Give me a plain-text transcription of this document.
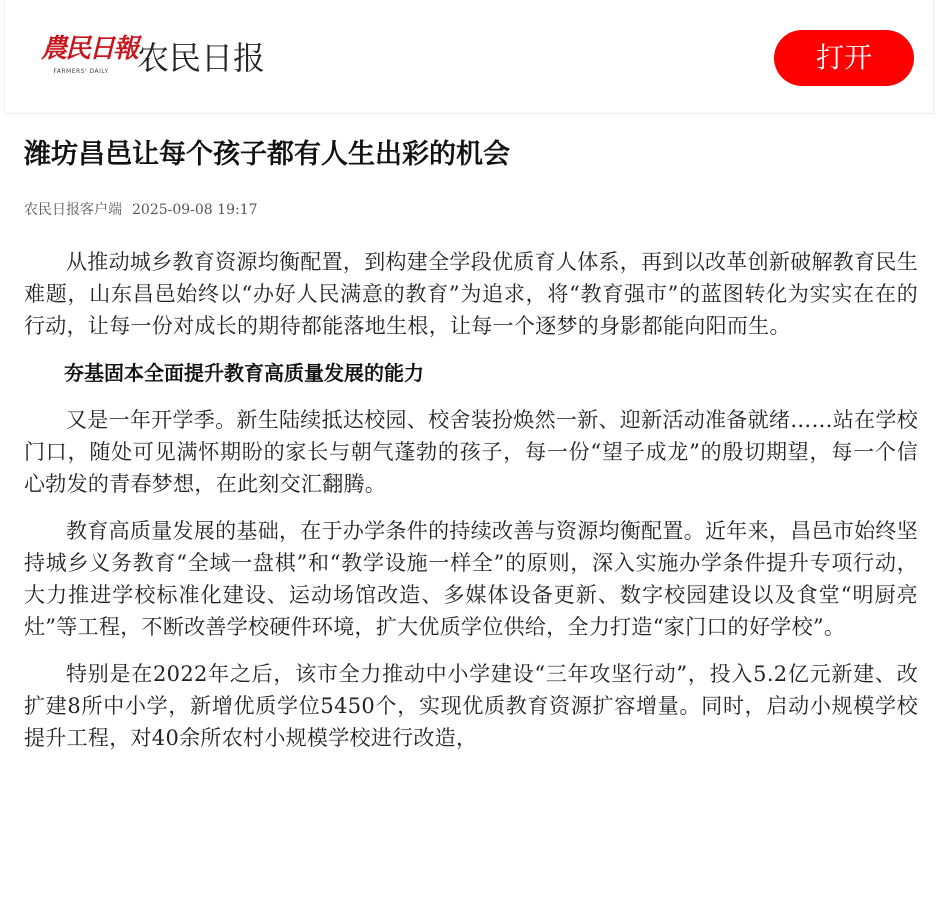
農民日報
FARMERS' DAILY 农民日报	打开
潍坊昌邑让每个孩子都有人生出彩的机会
农民日报客户端 2025-09-08 19:17

从推动城乡教育资源均衡配置，到构建全学段优质育人体系，再到以改革创新破解教育民生难题，山东昌邑始终以“办好人民满意的教育”为追求，将“教育强市”的蓝图转化为实实在在的行动，让每一份对成长的期待都能落地生根，让每一个逐梦的身影都能向阳而生。

夯基固本全面提升教育高质量发展的能力

又是一年开学季。新生陆续抵达校园、校舍装扮焕然一新、迎新活动准备就绪……站在学校门口，随处可见满怀期盼的家长与朝气蓬勃的孩子，每一份“望子成龙”的殷切期望，每一个信心勃发的青春梦想，在此刻交汇翻腾。

教育高质量发展的基础，在于办学条件的持续改善与资源均衡配置。近年来，昌邑市始终坚持城乡义务教育“全域一盘棋”和“教学设施一样全”的原则，深入实施办学条件提升专项行动，大力推进学校标准化建设、运动场馆改造、多媒体设备更新、数字校园建设以及食堂“明厨亮灶”等工程，不断改善学校硬件环境，扩大优质学位供给，全力打造“家门口的好学校”。

特别是在2022年之后，该市全力推动中小学建设“三年攻坚行动”，投入5.2亿元新建、改扩建8所中小学，新增优质学位5450个，实现优质教育资源扩容增量。同时，启动小规模学校提升工程，对40余所农村小规模学校进行改造，
